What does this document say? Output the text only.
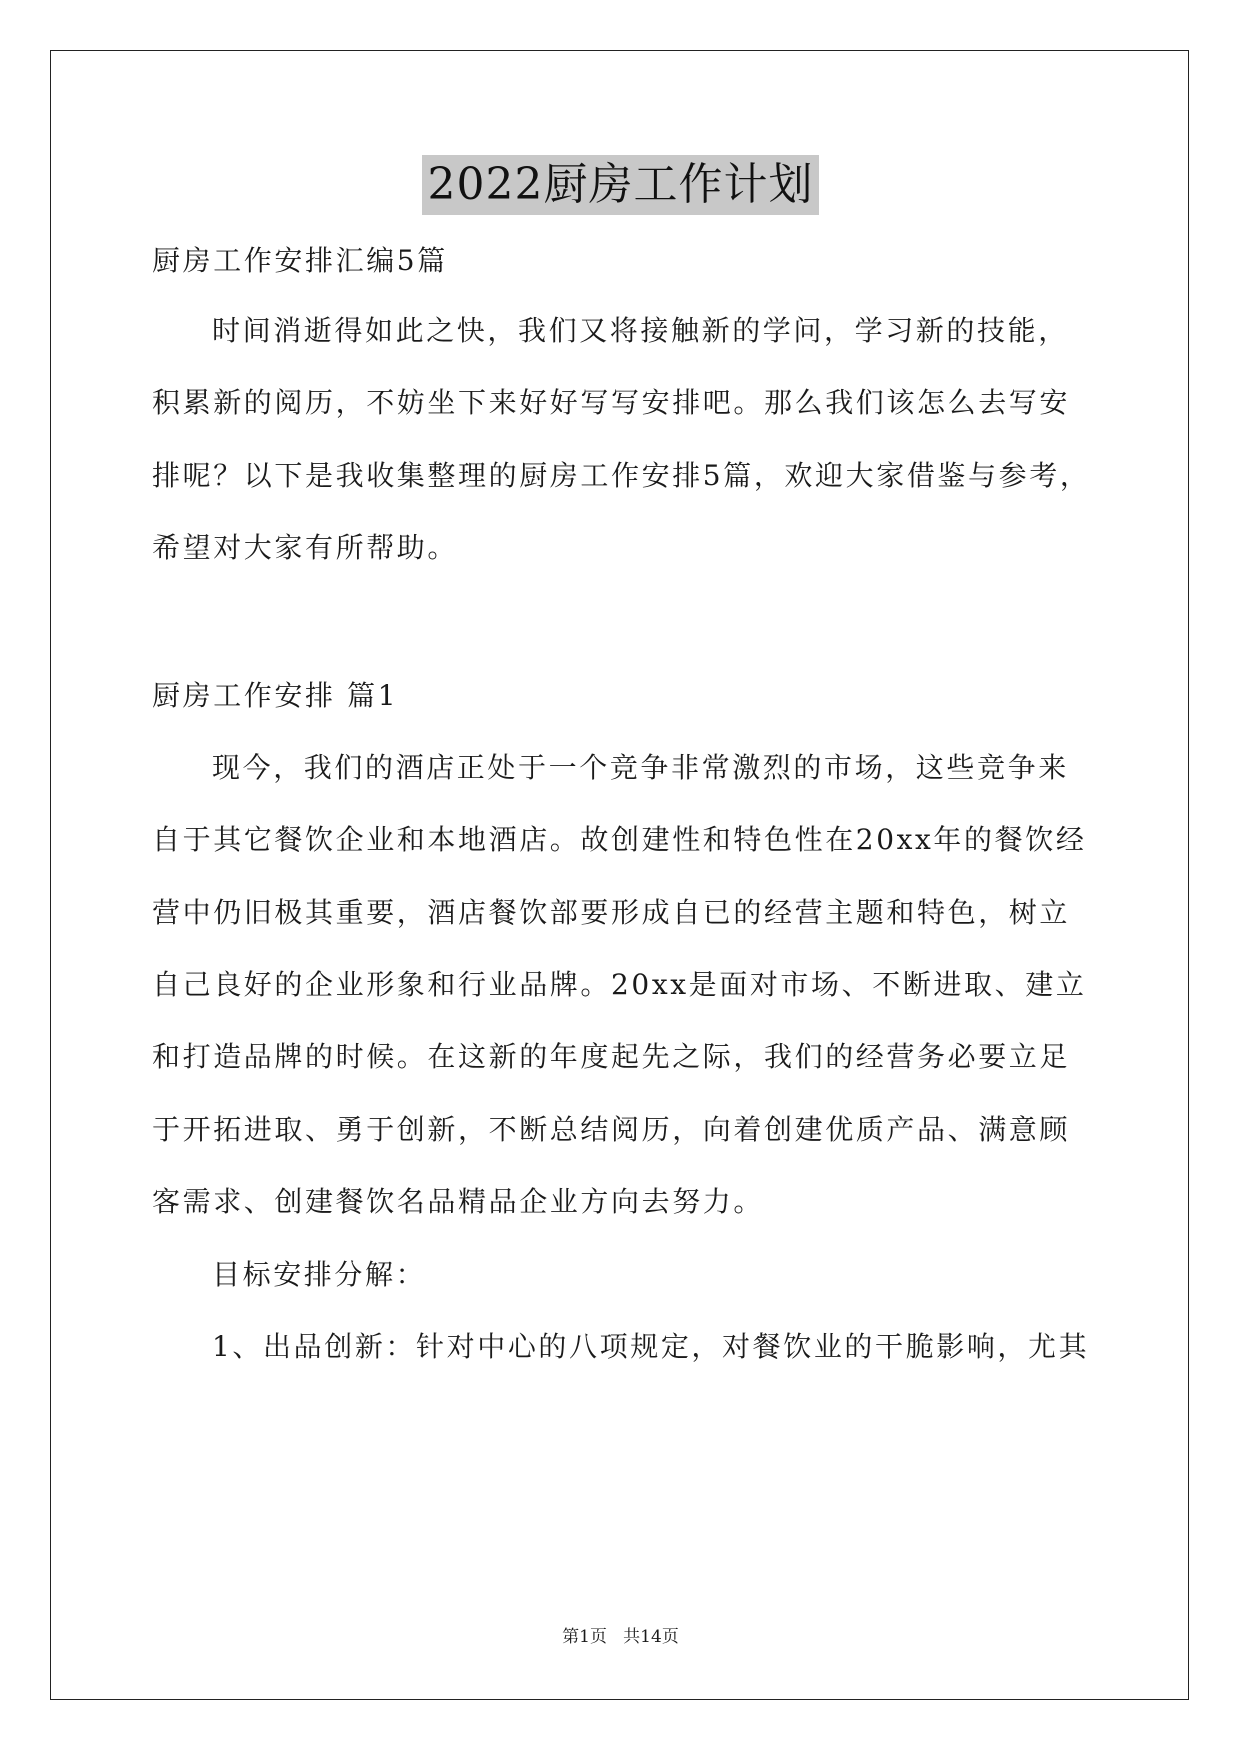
2022厨房工作计划
厨房工作安排汇编5篇
时间消逝得如此之快，我们又将接触新的学问，学习新的技能，
积累新的阅历，不妨坐下来好好写写安排吧。那么我们该怎么去写安
排呢？以下是我收集整理的厨房工作安排5篇，欢迎大家借鉴与参考，
希望对大家有所帮助。
厨房工作安排 篇1
现今，我们的酒店正处于一个竞争非常激烈的市场，这些竞争来
自于其它餐饮企业和本地酒店。故创建性和特色性在20xx年的餐饮经
营中仍旧极其重要，酒店餐饮部要形成自已的经营主题和特色，树立
自己良好的企业形象和行业品牌。20xx是面对市场、不断进取、建立
和打造品牌的时候。在这新的年度起先之际，我们的经营务必要立足
于开拓进取、勇于创新，不断总结阅历，向着创建优质产品、满意顾
客需求、创建餐饮名品精品企业方向去努力。
目标安排分解：
1、出品创新：针对中心的八项规定，对餐饮业的干脆影响，尤其
第1页   共14页
